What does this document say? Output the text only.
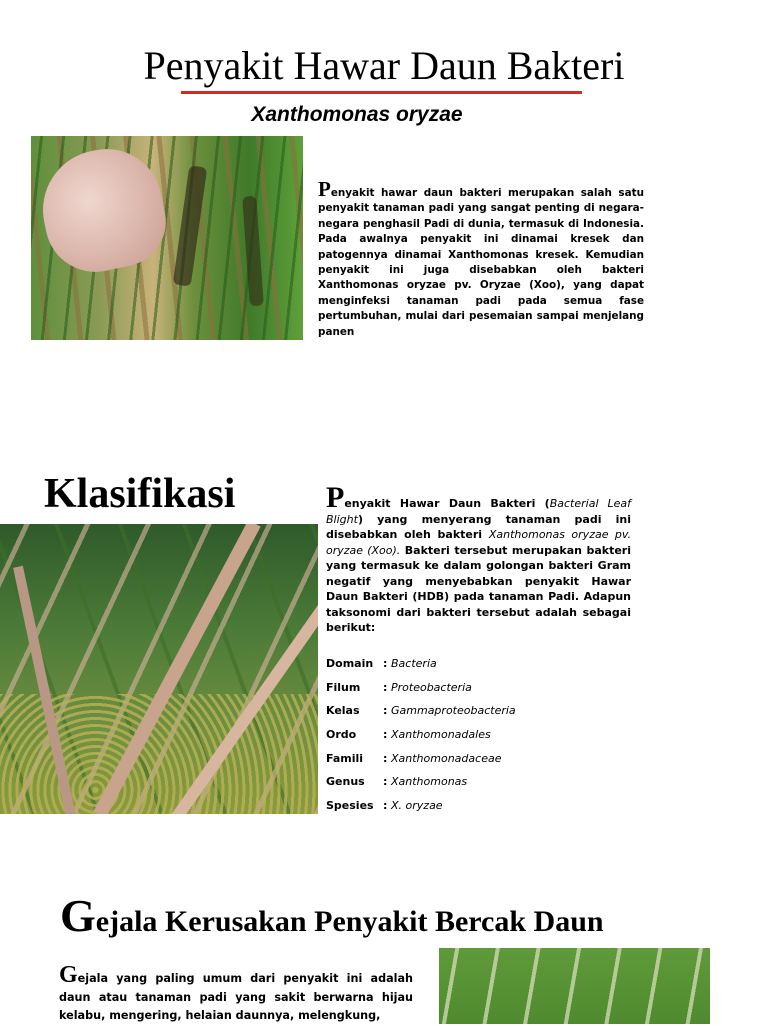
Penyakit Hawar Daun Bakteri
Xanthomonas oryzae
Penyakit hawar daun bakteri merupakan salah satu penyakit tanaman padi yang sangat penting di negara-negara penghasil Padi di dunia, termasuk di Indonesia. Pada awalnya penyakit ini dinamai kresek dan patogennya dinamai Xanthomonas kresek. Kemudian penyakit ini juga disebabkan oleh bakteri Xanthomonas oryzae pv. Oryzae (Xoo), yang dapat menginfeksi tanaman padi pada semua fase pertumbuhan, mulai dari pesemaian sampai menjelang panen
Klasifikasi	Penyakit Hawar Daun Bakteri (Bacterial Leaf Blight) yang menyerang tanaman padi ini disebabkan oleh bakteri Xanthomonas oryzae pv. oryzae (Xoo). Bakteri tersebut merupakan bakteri yang termasuk ke dalam golongan bakteri Gram negatif yang menyebabkan penyakit Hawar Daun Bakteri (HDB) pada tanaman Padi. Adapun taksonomi dari bakteri tersebut adalah sebagai berikut:
Domain : Bacteria
Filum	: Proteobacteria
Kelas	: Gammaproteobacteria
Ordo	: Xanthomonadales
Famili	: Xanthomonadaceae
Genus	: Xanthomonas
Spesies : X. oryzae
Gejala Kerusakan Penyakit Bercak Daun
Gejala yang paling umum dari penyakit ini adalah daun atau tanaman padi yang sakit berwarna hijau kelabu, mengering, helaian daunnya, melengkung,
